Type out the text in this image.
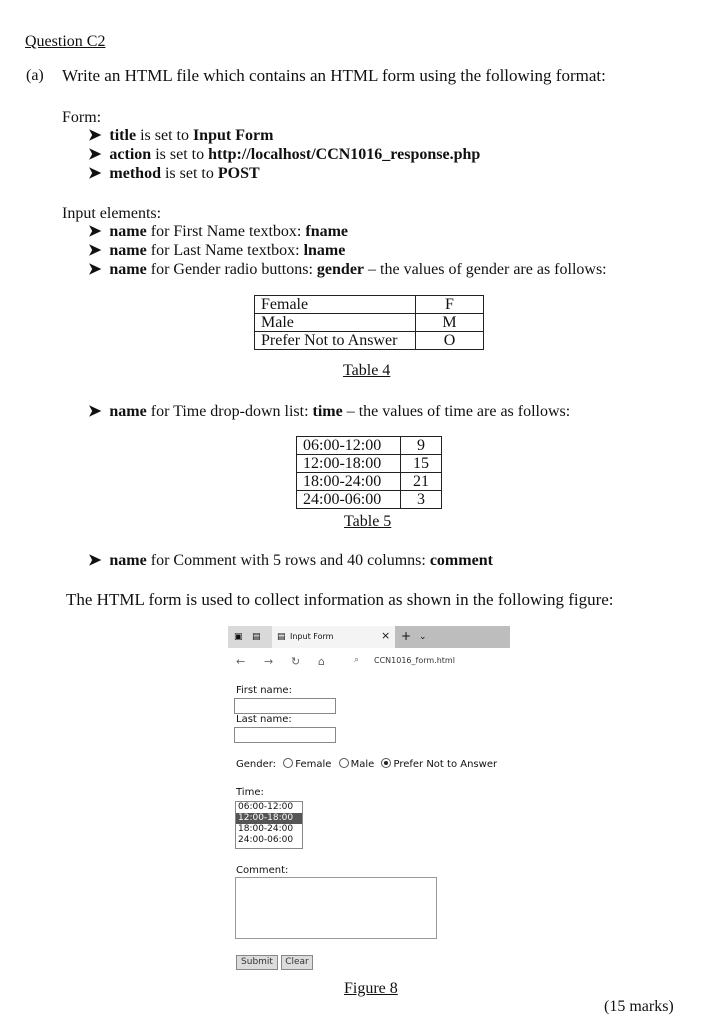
Question C2
(a) Write an HTML file which contains an HTML form using the following format:
Form:
➤ title is set to Input Form
➤ action is set to http://localhost/CCN1016_response.php
➤ method is set to POST
Input elements:
➤ name for First Name textbox: fname
➤ name for Last Name textbox: lname
➤ name for Gender radio buttons: gender – the values of gender are as follows:
Female	F
Male	M
Prefer Not to Answer	O
Table 4
➤ name for Time drop-down list: time – the values of time are as follows:
06:00-12:00	9
12:00-18:00	15
18:00-24:00	21
24:00-06:00	3
Table 5
➤ name for Comment with 5 rows and 40 columns: comment
The HTML form is used to collect information as shown in the following figure:
▣ ▤ ▤ Input Form	× + ⌄
← → ↻ ⌂	⌕ CCN1016_form.html
First name:
Last name:
Gender: Female Male Prefer Not to Answer
Time:
06:00-12:00
12:00-18:00
18:00-24:00
24:00-06:00
Comment:
Submit	Clear
Figure 8
(15 marks)
